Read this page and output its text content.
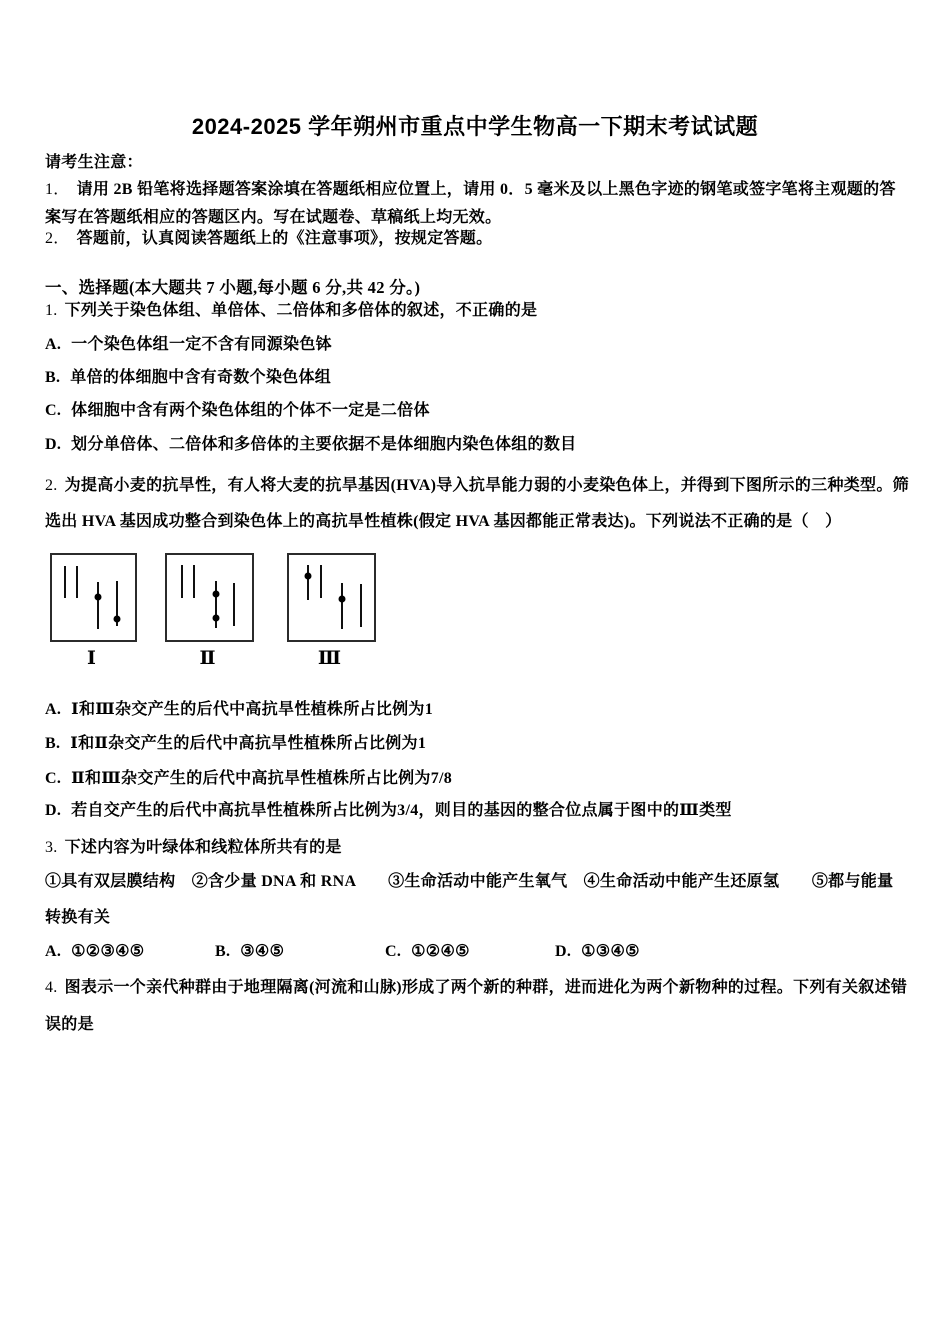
2024-2025 学年朔州市重点中学生物高一下期末考试试题
请考生注意：
1． 请用 2B 铅笔将选择题答案涂填在答题纸相应位置上，请用 0．5 毫米及以上黑色字迹的钢笔或签字笔将主观题的答案写在答题纸相应的答题区内。写在试题卷、草稿纸上均无效。
2． 答题前，认真阅读答题纸上的《注意事项》，按规定答题。
一、选择题(本大题共 7 小题,每小题 6 分,共 42 分。)
1. 下列关于染色体组、单倍体、二倍体和多倍体的叙述，不正确的是
A. 一个染色体组一定不含有同源染色钵
B. 单倍的体细胞中含有奇数个染色体组
C. 体细胞中含有两个染色体组的个体不一定是二倍体
D. 划分单倍体、二倍体和多倍体的主要依据不是体细胞内染色体组的数目
2. 为提高小麦的抗旱性，有人将大麦的抗旱基因(HVA)导入抗旱能力弱的小麦染色体上，并得到下图所示的三种类型。筛选出 HVA 基因成功整合到染色体上的高抗旱性植株(假定 HVA 基因都能正常表达)。下列说法不正确的是（　）
Ⅰ	Ⅱ	Ⅲ
A. Ⅰ和Ⅲ杂交产生的后代中高抗旱性植株所占比例为1
B. Ⅰ和Ⅱ杂交产生的后代中高抗旱性植株所占比例为1
C. Ⅱ和Ⅲ杂交产生的后代中高抗旱性植株所占比例为7/8
D. 若自交产生的后代中高抗旱性植株所占比例为3/4，则目的基因的整合位点属于图中的Ⅲ类型
3. 下述内容为叶绿体和线粒体所共有的是
①具有双层膜结构　②含少量 DNA 和 RNA　　③生命活动中能产生氧气　④生命活动中能产生还原氢　　⑤都与能量转换有关
A. ①②③④⑤	B. ③④⑤	C. ①②④⑤	D. ①③④⑤
4. 图表示一个亲代种群由于地理隔离(河流和山脉)形成了两个新的种群，进而进化为两个新物种的过程。下列有关叙述错误的是
